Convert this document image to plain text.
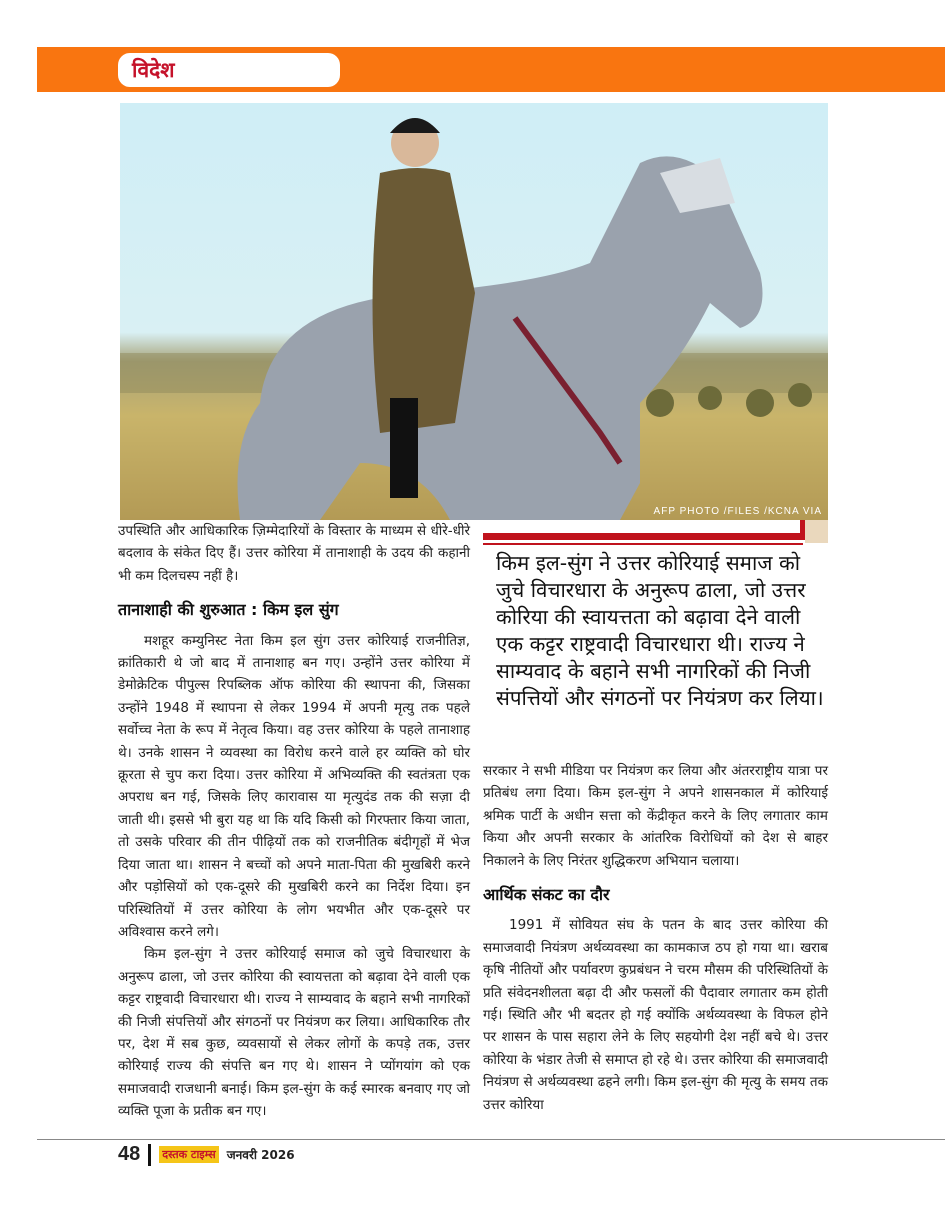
विदेश
AFP PHOTO /FILES /KCNA VIA

उपस्थिति और आधिकारिक ज़िम्मेदारियों के विस्तार के माध्यम से धीरे-धीरे बदलाव के संकेत दिए हैं। उत्तर कोरिया में तानाशाही के उदय की कहानी भी कम दिलचस्प नहीं है।

तानाशाही की शुरुआत : किम इल सुंग

मशहूर कम्युनिस्ट नेता किम इल सुंग उत्तर कोरियाई राजनीतिज्ञ, क्रांतिकारी थे जो बाद में तानाशाह बन गए। उन्होंने उत्तर कोरिया में डेमोक्रेटिक पीपुल्स रिपब्लिक ऑफ कोरिया की स्थापना की, जिसका उन्होंने 1948 में स्थापना से लेकर 1994 में अपनी मृत्यु तक पहले सर्वोच्च नेता के रूप में नेतृत्व किया। वह उत्तर कोरिया के पहले तानाशाह थे। उनके शासन ने व्यवस्था का विरोध करने वाले हर व्यक्ति को घोर क्रूरता से चुप करा दिया। उत्तर कोरिया में अभिव्यक्ति की स्वतंत्रता एक अपराध बन गई, जिसके लिए कारावास या मृत्युदंड तक की सज़ा दी जाती थी। इससे भी बुरा यह था कि यदि किसी को गिरफ्तार किया जाता, तो उसके परिवार की तीन पीढ़ियों तक को राजनीतिक बंदीगृहों में भेज दिया जाता था। शासन ने बच्चों को अपने माता-पिता की मुखबिरी करने और पड़ोसियों को एक-दूसरे की मुखबिरी करने का निर्देश दिया। इन परिस्थितियों में उत्तर कोरिया के लोग भयभीत और एक-दूसरे पर अविश्वास करने लगे।

किम इल-सुंग ने उत्तर कोरियाई समाज को जुचे विचारधारा के अनुरूप ढाला, जो उत्तर कोरिया की स्वायत्तता को बढ़ावा देने वाली एक कट्टर राष्ट्रवादी विचारधारा थी। राज्य ने साम्यवाद के बहाने सभी नागरिकों की निजी संपत्तियों और संगठनों पर नियंत्रण कर लिया। आधिकारिक तौर पर, देश में सब कुछ, व्यवसायों से लेकर लोगों के कपड़े तक, उत्तर कोरियाई राज्य की संपत्ति बन गए थे। शासन ने प्योंगयांग को एक समाजवादी राजधानी बनाई। किम इल-सुंग के कई स्मारक बनवाए गए जो व्यक्ति पूजा के प्रतीक बन गए।

किम इल-सुंग ने उत्तर कोरियाई समाज को जुचे विचारधारा के अनुरूप ढाला, जो उत्तर कोरिया की स्वायत्तता को बढ़ावा देने वाली एक कट्टर राष्ट्रवादी विचारधारा थी। राज्य ने साम्यवाद के बहाने सभी नागरिकों की निजी संपत्तियों और संगठनों पर नियंत्रण कर लिया।

सरकार ने सभी मीडिया पर नियंत्रण कर लिया और अंतरराष्ट्रीय यात्रा पर प्रतिबंध लगा दिया। किम इल-सुंग ने अपने शासनकाल में कोरियाई श्रमिक पार्टी के अधीन सत्ता को केंद्रीकृत करने के लिए लगातार काम किया और अपनी सरकार के आंतरिक विरोधियों को देश से बाहर निकालने के लिए निरंतर शुद्धिकरण अभियान चलाया।

आर्थिक संकट का दौर

1991 में सोवियत संघ के पतन के बाद उत्तर कोरिया की समाजवादी नियंत्रण अर्थव्यवस्था का कामकाज ठप हो गया था। खराब कृषि नीतियों और पर्यावरण कुप्रबंधन ने चरम मौसम की परिस्थितियों के प्रति संवेदनशीलता बढ़ा दी और फसलों की पैदावार लगातार कम होती गई। स्थिति और भी बदतर हो गई क्योंकि अर्थव्यवस्था के विफल होने पर शासन के पास सहारा लेने के लिए सहयोगी देश नहीं बचे थे। उत्तर कोरिया के भंडार तेजी से समाप्त हो रहे थे। उत्तर कोरिया की समाजवादी नियंत्रण से अर्थव्यवस्था ढहने लगी। किम इल-सुंग की मृत्यु के समय तक उत्तर कोरिया

48 दस्तक टाइम्स जनवरी 2026
